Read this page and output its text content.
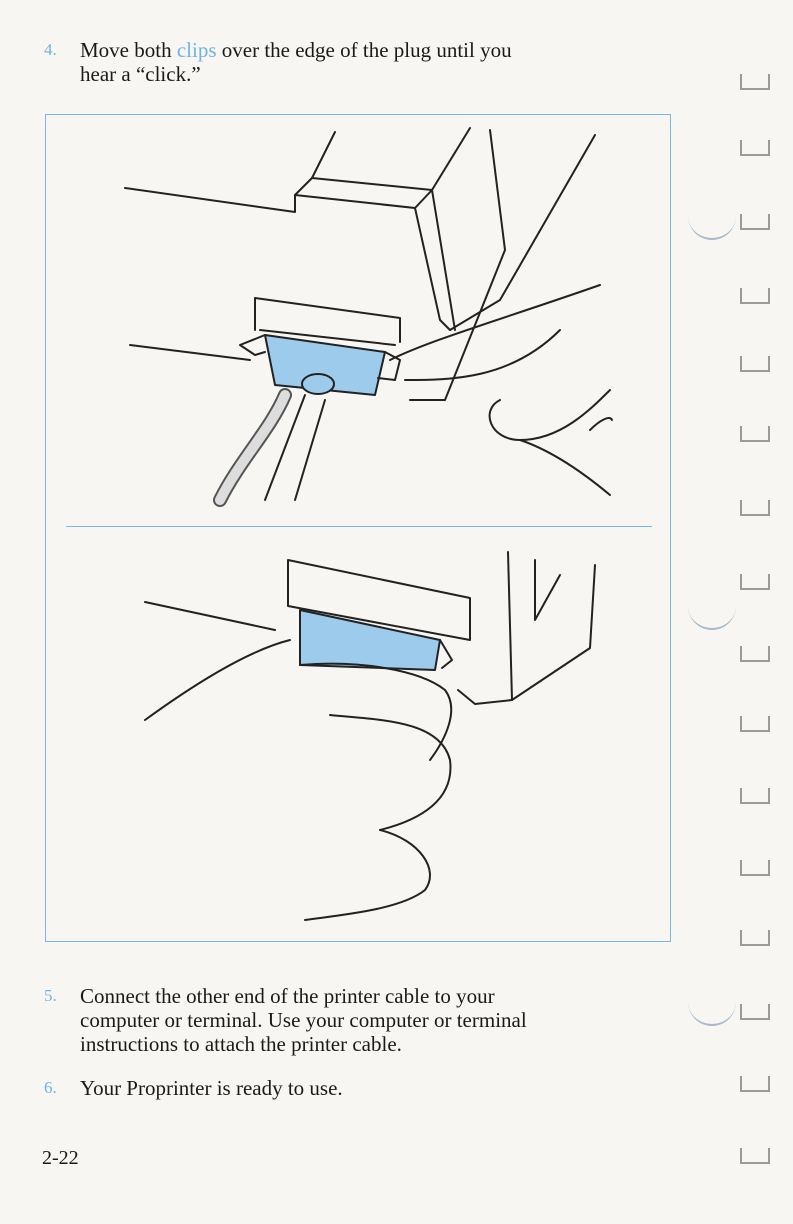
4. Move both clips over the edge of the plug until you
hear a “click.”
5. Connect the other end of the printer cable to your
computer or terminal. Use your computer or terminal
instructions to attach the printer cable.
6. Your Proprinter is ready to use.
2-22
